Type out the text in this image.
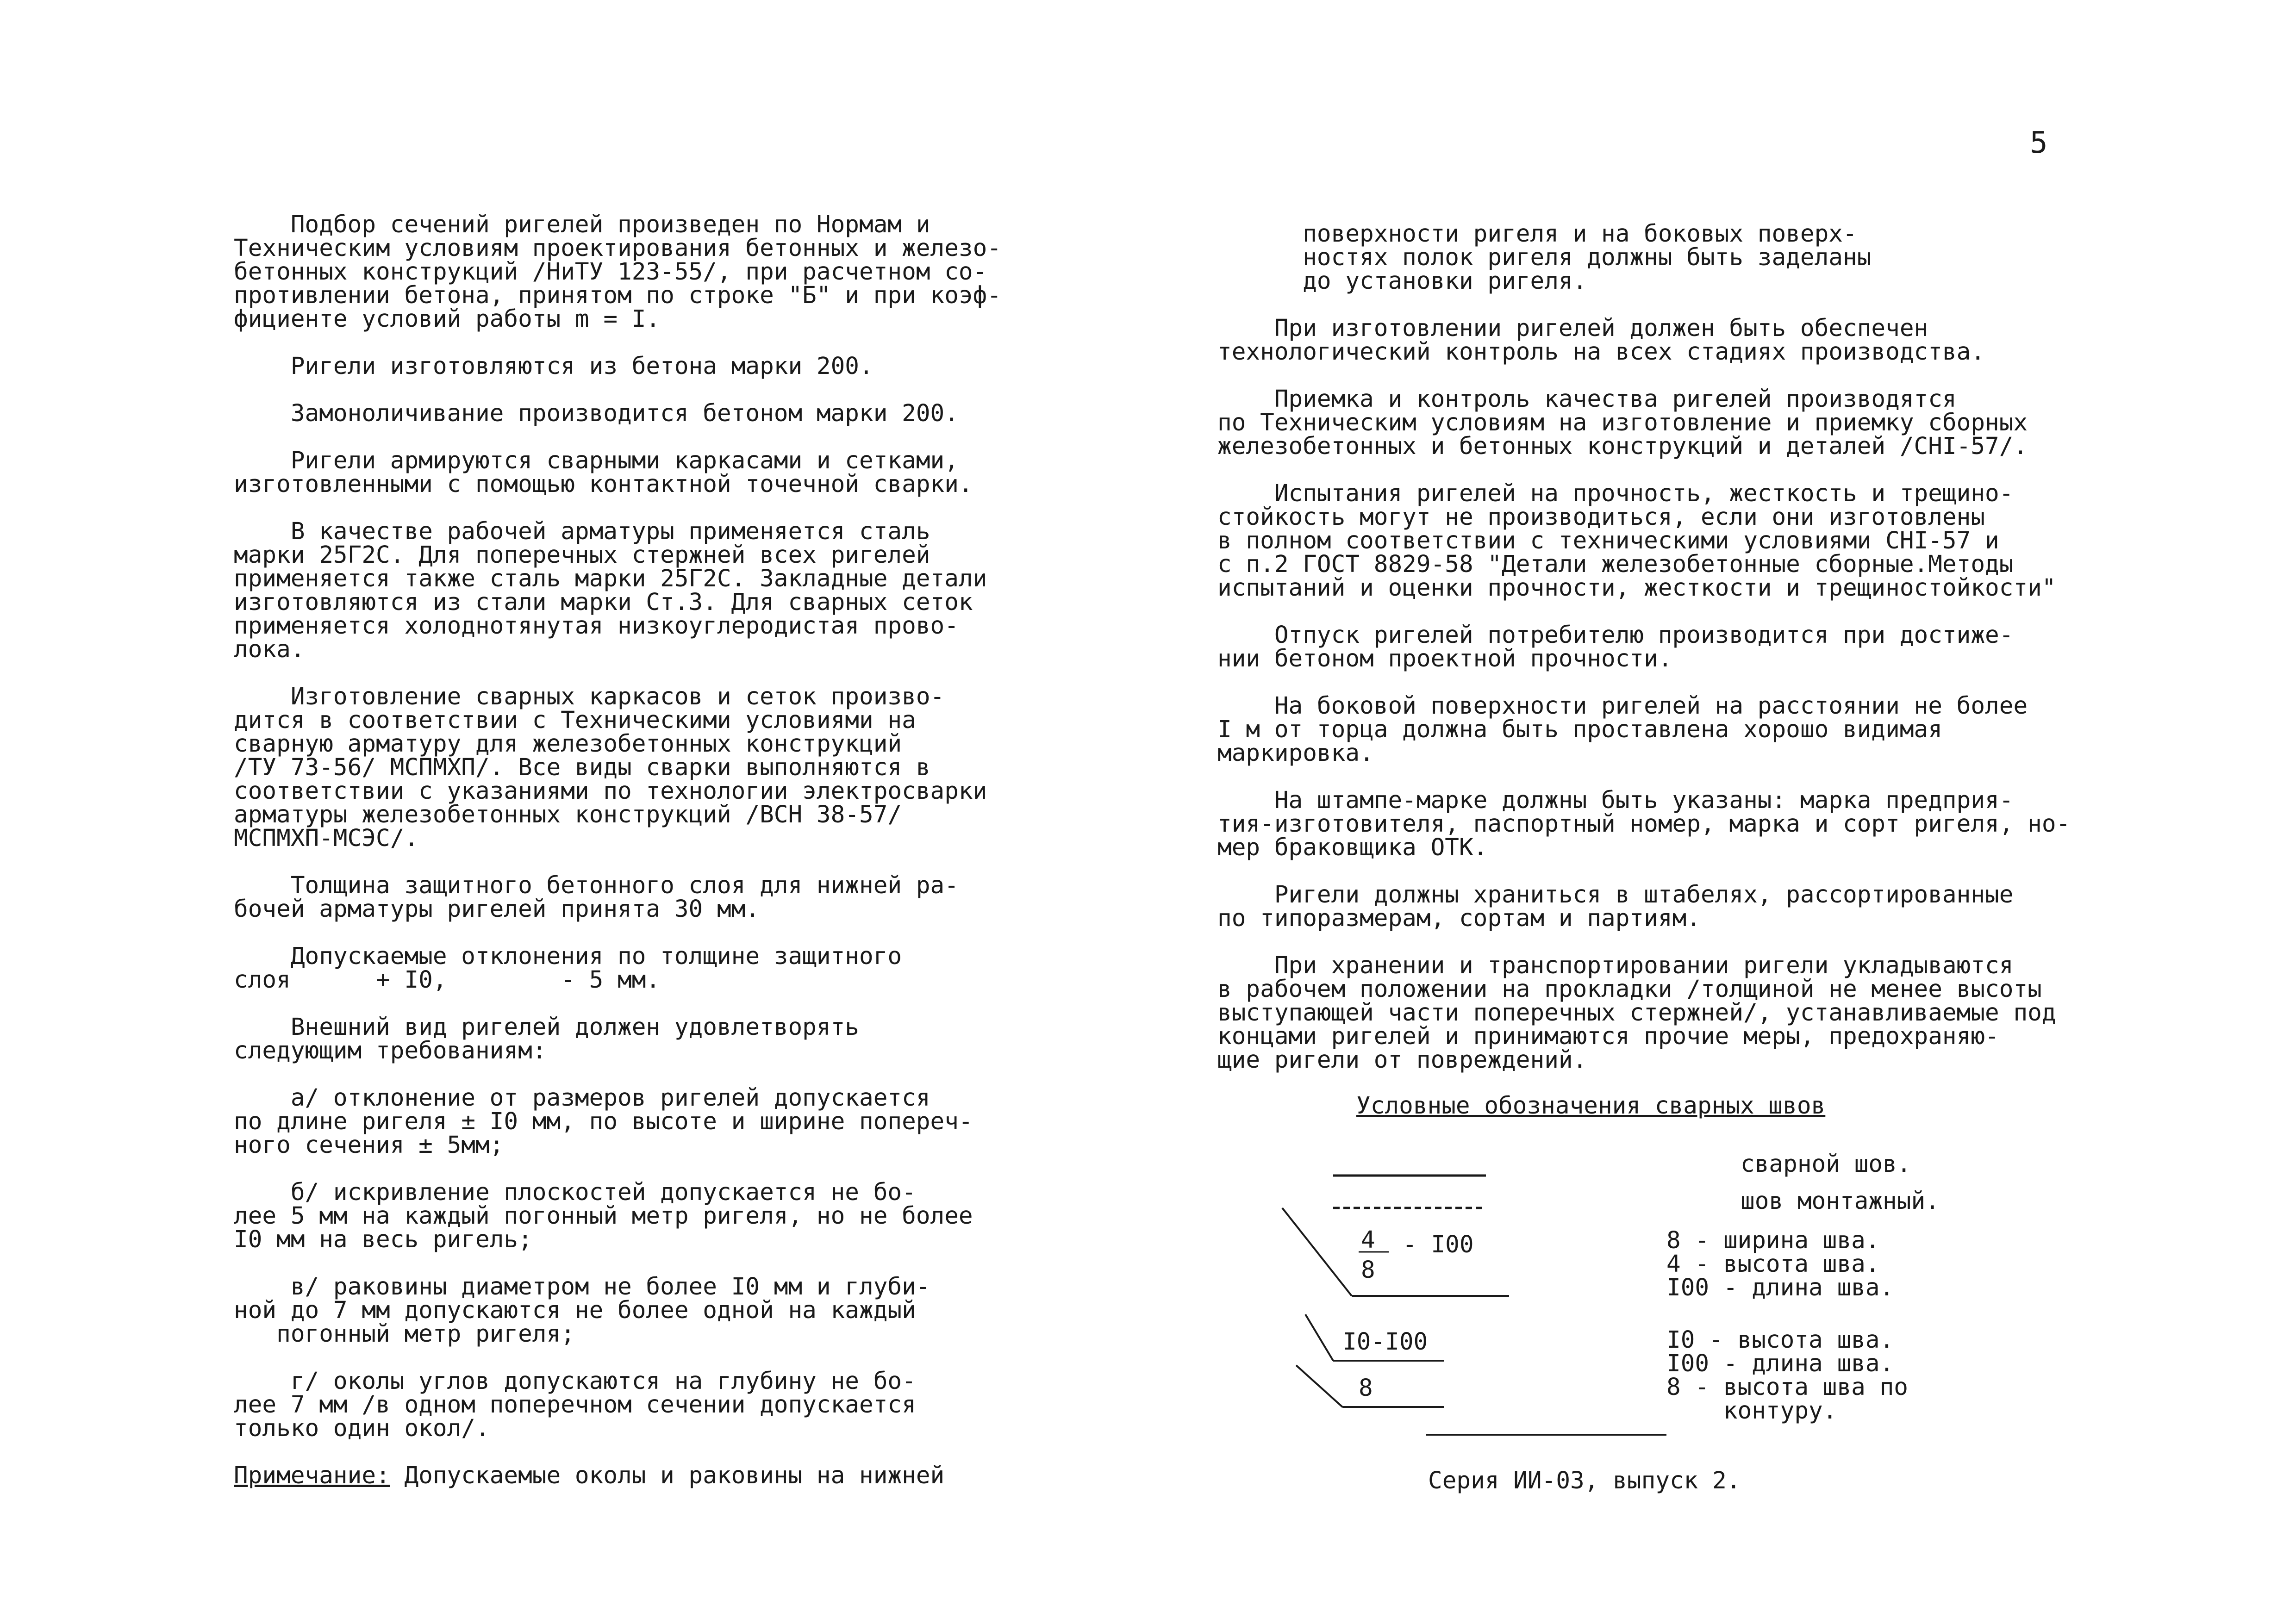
5
Подбор сечений ригелей произведен по Нормам и
Техническим условиям проектирования бетонных и железо-
бетонных конструкций /НиТУ 123-55/, при расчетном со-
противлении бетона, принятом по строке "Б" и при коэф-
фициенте условий работы m = I.
Ригели изготовляются из бетона марки 200.
Замоноличивание производится бетоном марки 200.
Ригели армируются сварными каркасами и сетками,
изготовленными с помощью контактной точечной сварки.
В качестве рабочей арматуры применяется сталь
марки 25Г2С. Для поперечных стержней всех ригелей
применяется также сталь марки 25Г2С. Закладные детали
изготовляются из стали марки Ст.3. Для сварных сеток
применяется холоднотянутая низкоуглеродистая прово-
лока.
Изготовление сварных каркасов и сеток произво-
дится в соответствии с Техническими условиями на
сварную арматуру для железобетонных конструкций
/ТУ 73-56/ МСПМХП/. Все виды сварки выполняются в
соответствии с указаниями по технологии электросварки
арматуры железобетонных конструкций /ВСН 38-57/
МСПМХП-МСЭС/.
Толщина защитного бетонного слоя для нижней ра-
бочей арматуры ригелей принята 30 мм.
Допускаемые отклонения по толщине защитного
слоя      + I0,        - 5 мм.
Внешний вид ригелей должен удовлетворять
следующим требованиям:
а/ отклонение от размеров ригелей допускается
по длине ригеля ± I0 мм, по высоте и ширине попереч-
ного сечения ± 5мм;
б/ искривление плоскостей допускается не бо-
лее 5 мм на каждый погонный метр ригеля, но не более
I0 мм на весь ригель;
в/ раковины диаметром не более I0 мм и глуби-
ной до 7 мм допускаются не более одной на каждый
погонный метр ригеля;
г/ околы углов допускаются на глубину не бо-
лее 7 мм /в одном поперечном сечении допускается
только один окол/.
Примечание: Допускаемые околы и раковины на нижней
поверхности ригеля и на боковых поверх-
ностях полок ригеля должны быть заделаны
до установки ригеля.
При изготовлении ригелей должен быть обеспечен
технологический контроль на всех стадиях производства.
Приемка и контроль качества ригелей производятся
по Техническим условиям на изготовление и приемку сборных
железобетонных и бетонных конструкций и деталей /СНI-57/.
Испытания ригелей на прочность, жесткость и трещино-
стойкость могут не производиться, если они изготовлены
в полном соответствии с техническими условиями СНI-57 и
с п.2 ГОСТ 8829-58 "Детали железобетонные сборные.Методы
испытаний и оценки прочности, жесткости и трещиностойкости"
Отпуск ригелей потребителю производится при достиже-
нии бетоном проектной прочности.
На боковой поверхности ригелей на расстоянии не более
I м от торца должна быть проставлена хорошо видимая
маркировка.
На штампе-марке должны быть указаны: марка предприя-
тия-изготовителя, паспортный номер, марка и сорт ригеля, но-
мер браковщика ОТК.
Ригели должны храниться в штабелях, рассортированные
по типоразмерам, сортам и партиям.
При хранении и транспортировании ригели укладываются
в рабочем положении на прокладки /толщиной не менее высоты
выступающей части поперечных стержней/, устанавливаемые под
концами ригелей и принимаются прочие меры, предохраняю-
щие ригели от повреждений.
Условные обозначения сварных швов
4
8
- I00
I0-I00
8
сварной шов.
шов монтажный.
8 - ширина шва.
4 - высота шва.
I00 - длина шва.
I0 - высота шва.
I00 - длина шва.
8 - высота шва по
контуру.
Серия ИИ-03, выпуск 2.
